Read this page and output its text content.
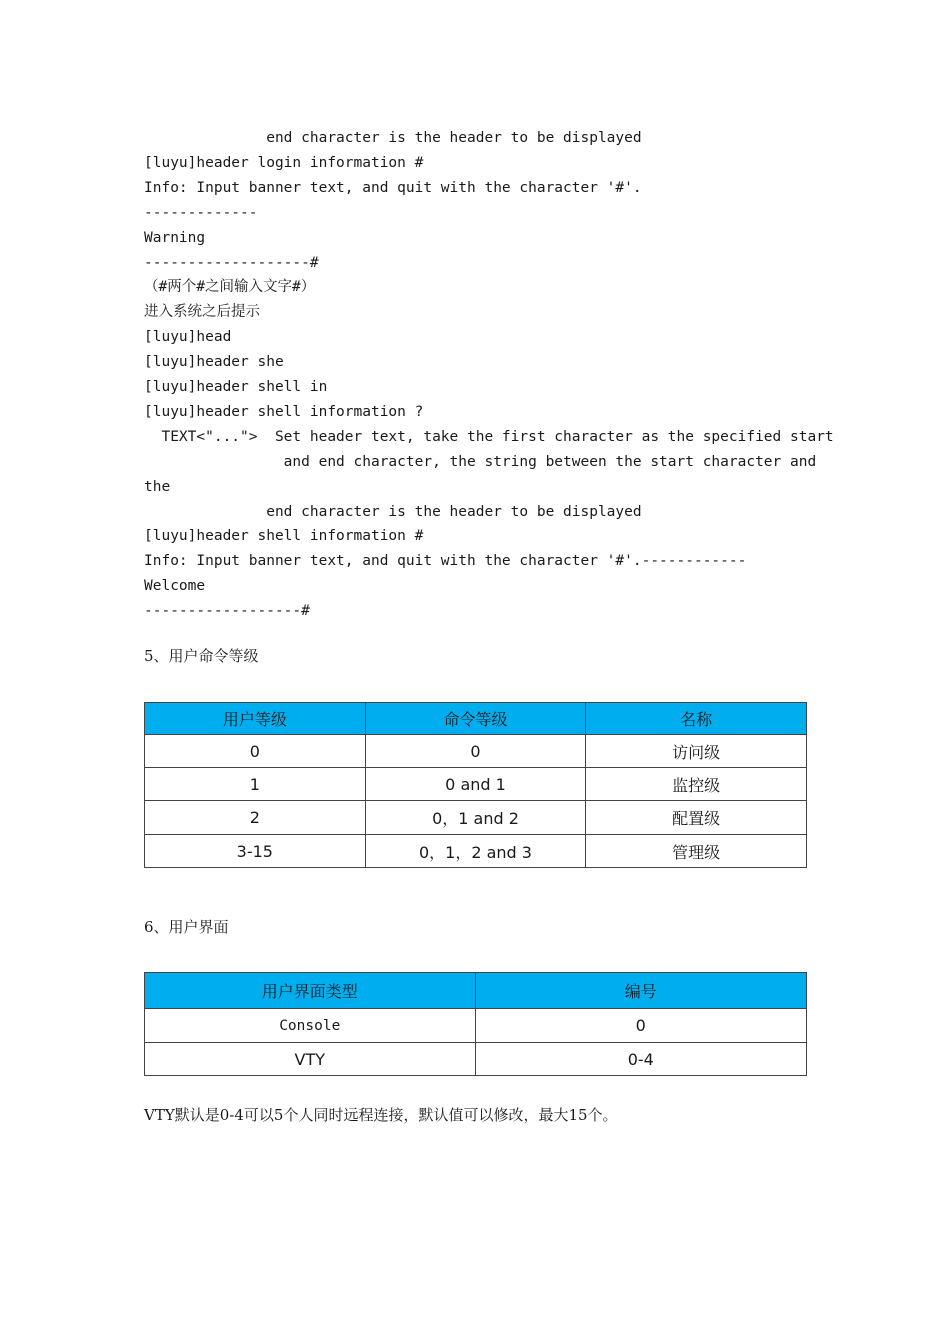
end character is the header to be displayed
[luyu]header login information #
Info: Input banner text, and quit with the character '#'.
-------------
Warning
-------------------#
（#两个#之间输入文字#）
进入系统之后提示
[luyu]head
[luyu]header she
[luyu]header shell in
[luyu]header shell information ?
TEXT<"...">  Set header text, take the first character as the specified start
and end character, the string between the start character and
the
end character is the header to be displayed
[luyu]header shell information #
Info: Input banner text, and quit with the character '#'.------------
Welcome
------------------#
5、用户命令等级
用户等级	命令等级	名称
0	0	访问级
1	0 and 1	监控级
2	0，1 and 2	配置级
3-15	0，1，2 and 3	管理级
6、用户界面
用户界面类型	编号
Console	0
VTY	0-4
VTY默认是0-4可以5个人同时远程连接，默认值可以修改，最大15个。
